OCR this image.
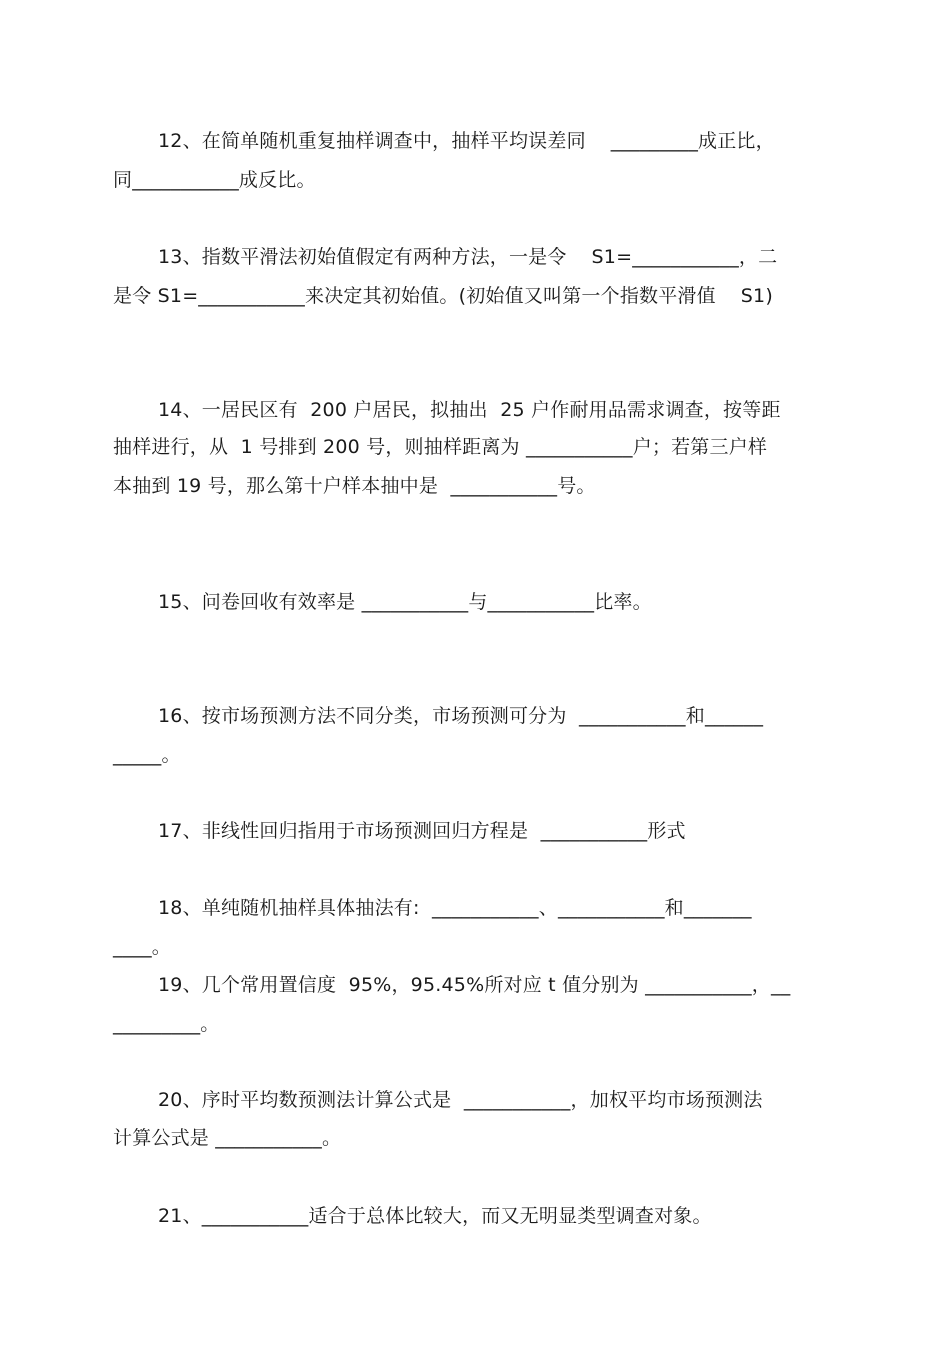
12、在简单随机重复抽样调查中，抽样平均误差同    _________成正比，
同___________成反比。
13、指数平滑法初始值假定有两种方法，一是令    S1=___________，二
是令 S1=___________来决定其初始值。(初始值又叫第一个指数平滑值    S1)
14、一居民区有  200 户居民，拟抽出  25 户作耐用品需求调查，按等距
抽样进行，从  1 号排到 200 号，则抽样距离为 ___________户；若第三户样
本抽到 19 号，那么第十户样本抽中是  ___________号。
15、问卷回收有效率是 ___________与___________比率。
16、按市场预测方法不同分类，市场预测可分为  ___________和______
_____。
17、非线性回归指用于市场预测回归方程是  ___________形式
18、单纯随机抽样具体抽法有:  ___________、___________和_______
____。
19、几个常用置信度  95%，95.45%所对应 t 值分别为 ___________，__
_________。
20、序时平均数预测法计算公式是  ___________，加权平均市场预测法
计算公式是 ___________。
21、___________适合于总体比较大，而又无明显类型调查对象。
